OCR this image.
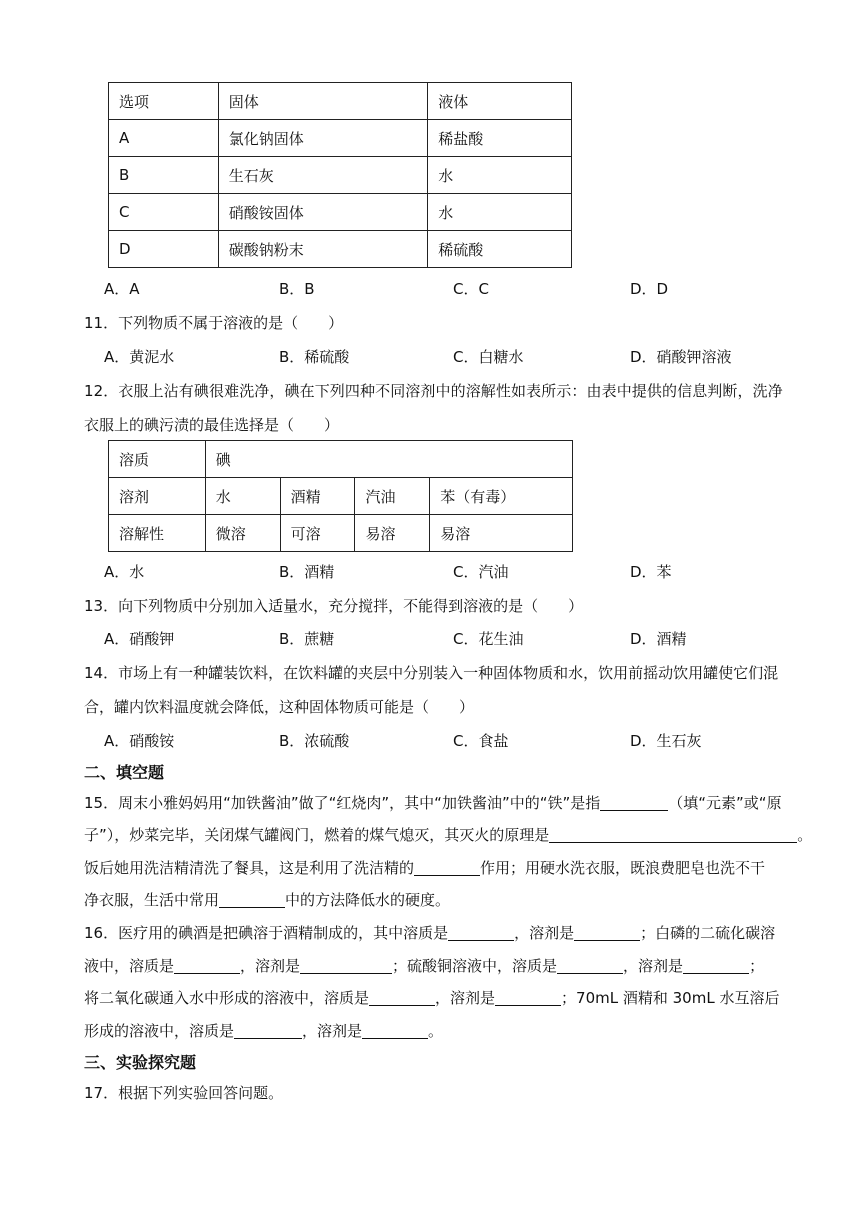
选项	固体	液体
A	氯化钠固体	稀盐酸
B	生石灰	水
C	硝酸铵固体	水
D	碳酸钠粉末	稀硫酸
A．A	B．B	C．C	D．D
11．下列物质不属于溶液的是（　　）
A．黄泥水	B．稀硫酸	C．白糖水	D．硝酸钾溶液
12．衣服上沾有碘很难洗净，碘在下列四种不同溶剂中的溶解性如表所示：由表中提供的信息判断，洗净
衣服上的碘污渍的最佳选择是（　　）
溶质	碘			
溶剂	水	酒精	汽油	苯（有毒）
溶解性	微溶	可溶	易溶	易溶
A．水	B．酒精	C．汽油	D．苯
13．向下列物质中分别加入适量水，充分搅拌，不能得到溶液的是（　　）
A．硝酸钾	B．蔗糖	C．花生油	D．酒精
14．市场上有一种罐装饮料，在饮料罐的夹层中分别装入一种固体物质和水，饮用前摇动饮用罐使它们混
合，罐内饮料温度就会降低，这种固体物质可能是（　　）
A．硝酸铵	B．浓硫酸	C．食盐	D．生石灰
二、填空题
15．周末小雅妈妈用“加铁酱油”做了“红烧肉”，其中“加铁酱油”中的“铁”是指	（填“元素”或“原
子”），炒菜完毕，关闭煤气罐阀门，燃着的煤气熄灭，其灭火的原理是	。
饭后她用洗洁精清洗了餐具，这是利用了洗洁精的	作用；用硬水洗衣服，既浪费肥皂也洗不干
净衣服，生活中常用	中的方法降低水的硬度。
16．医疗用的碘酒是把碘溶于酒精制成的，其中溶质是	，溶剂是	；白磷的二硫化碳溶
液中，溶质是	，溶剂是	；硫酸铜溶液中，溶质是	，溶剂是	；
将二氧化碳通入水中形成的溶液中，溶质是	，溶剂是	；70mL 酒精和 30mL 水互溶后
形成的溶液中，溶质是	，溶剂是	。
三、实验探究题
17．根据下列实验回答问题。
